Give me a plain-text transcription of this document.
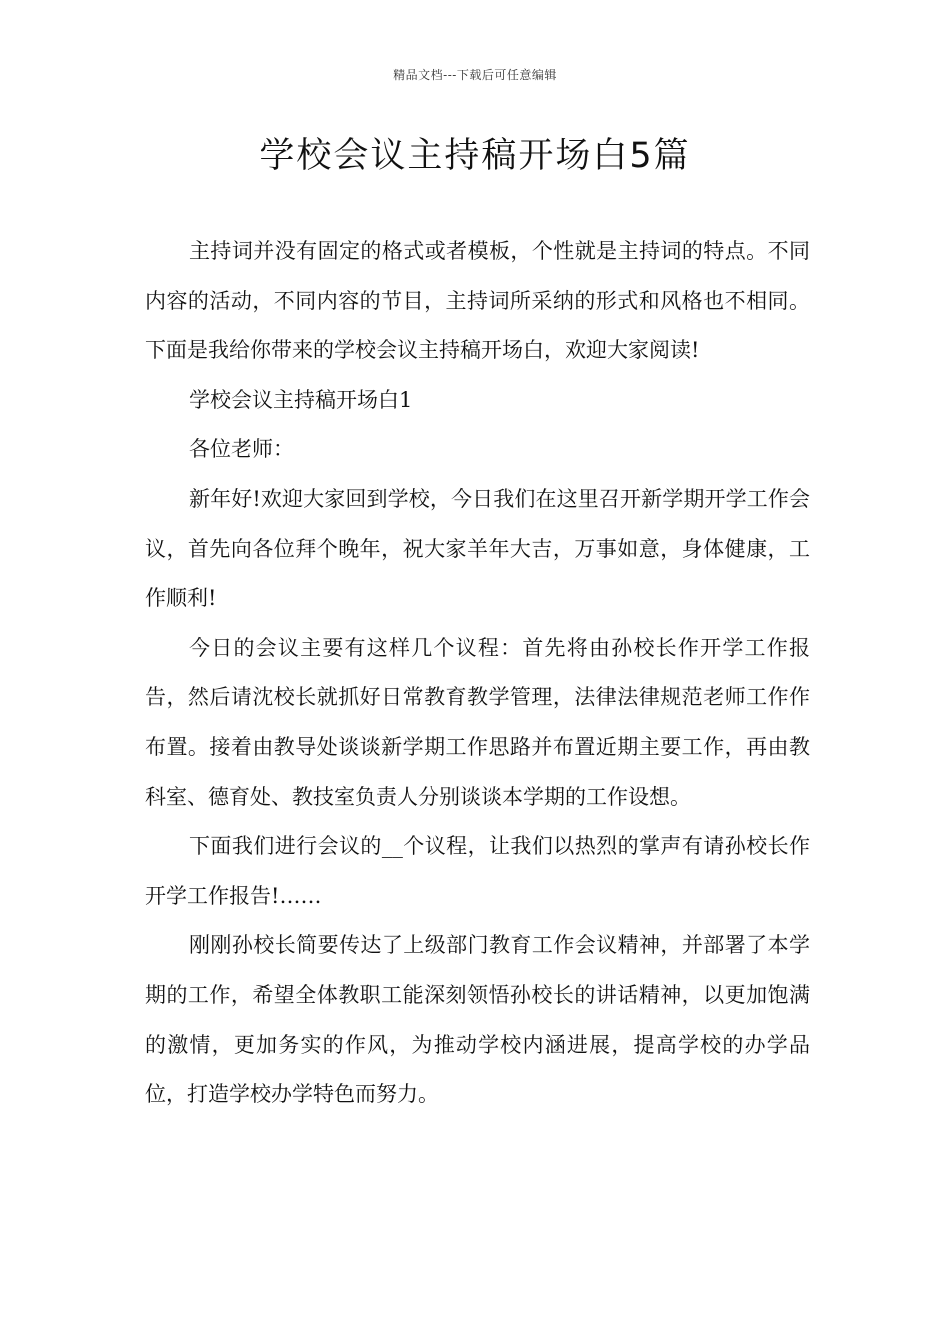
精品文档---下载后可任意编辑
学校会议主持稿开场白5篇

主持词并没有固定的格式或者模板，个性就是主持词的特点。不同内容的活动，不同内容的节目，主持词所采纳的形式和风格也不相同。下面是我给你带来的学校会议主持稿开场白，欢迎大家阅读!

学校会议主持稿开场白1

各位老师：

新年好!欢迎大家回到学校，今日我们在这里召开新学期开学工作会议，首先向各位拜个晚年，祝大家羊年大吉，万事如意，身体健康，工作顺利!

今日的会议主要有这样几个议程：首先将由孙校长作开学工作报告，然后请沈校长就抓好日常教育教学管理，法律法律规范老师工作作布置。接着由教导处谈谈新学期工作思路并布置近期主要工作，再由教科室、德育处、教技室负责人分别谈谈本学期的工作设想。

下面我们进行会议的__个议程，让我们以热烈的掌声有请孙校长作开学工作报告!……

刚刚孙校长简要传达了上级部门教育工作会议精神，并部署了本学期的工作，希望全体教职工能深刻领悟孙校长的讲话精神，以更加饱满的激情，更加务实的作风，为推动学校内涵进展，提高学校的办学品位，打造学校办学特色而努力。
